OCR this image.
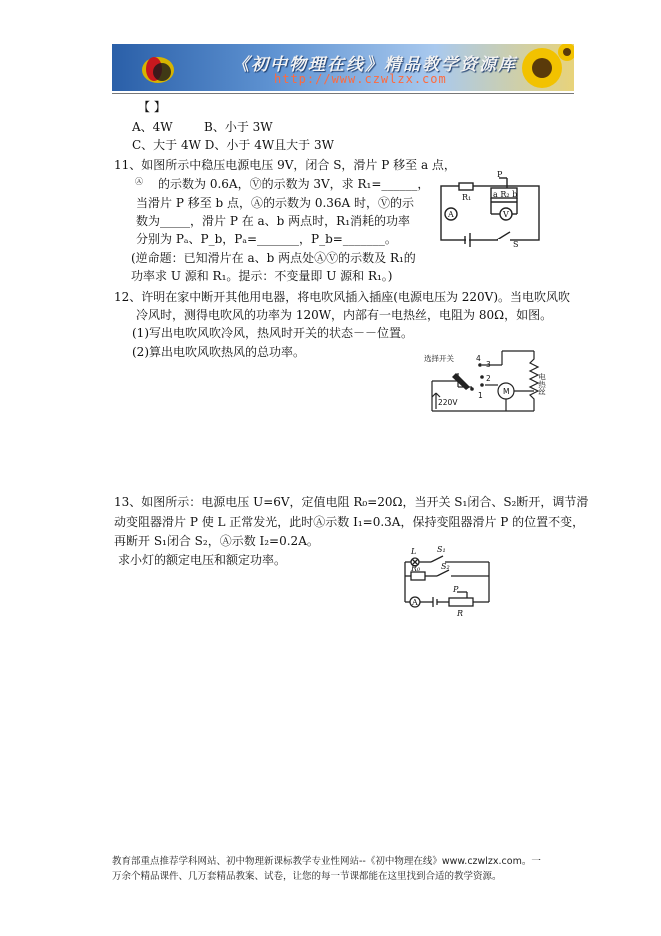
《初中物理在线》精品教学资源库
http://www.czwlzx.com
【 】
A、4W	B、小于 3W
C、大于 4W D、小于 4W且大于 3W
11、如图所示中稳压电源电压 9V，闭合 S，滑片 P 移至 a 点，
Ⓐ 的示数为 0.6A，Ⓥ的示数为 3V，求 R₁=______，
当滑片 P 移至 b 点，Ⓐ的示数为 0.36A 时，Ⓥ的示
数为_____，滑片 P 在 a、b 两点时，R₁消耗的功率
分别为 Pₐ、P_b，Pₐ=_______，P_b=_______。
(逆命题：已知滑片在 a、b 两点处ⒶⓋ的示数及 R₁的
功率求 U 源和 R₁。提示：不变量即 U 源和 R₁。)
R₁
P
a R₂ b
A	V
S
12、许明在家中断开其他用电器，将电吹风插入插座(电源电压为 220V)。当电吹风吹
冷风时，测得电吹风的功率为 120W，内部有一电热丝，电阻为 80Ω，如图。
(1)写出电吹风吹冷风，热风时开关的状态－－位置。
(2)算出电吹风吹热风的总功率。	选择开关	4
3
2
1
220V
M	电热丝
13、如图所示：电源电压 U=6V，定值电阻 R₀=20Ω，当开关 S₁闭合、S₂断开，调节滑
动变阻器滑片 P 使 L 正常发光，此时Ⓐ示数 I₁=0.3A，保持变阻器滑片 P 的位置不变，
再断开 S₁闭合 S₂，Ⓐ示数 I₂=0.2A。
求小灯的额定电压和额定功率。
L	S₁
R₀	S₂
A
P
R
教育部重点推荐学科网站、初中物理新课标教学专业性网站--《初中物理在线》www.czwlzx.com。一
万余个精品课件、几万套精品教案、试卷，让您的每一节课都能在这里找到合适的教学资源。
